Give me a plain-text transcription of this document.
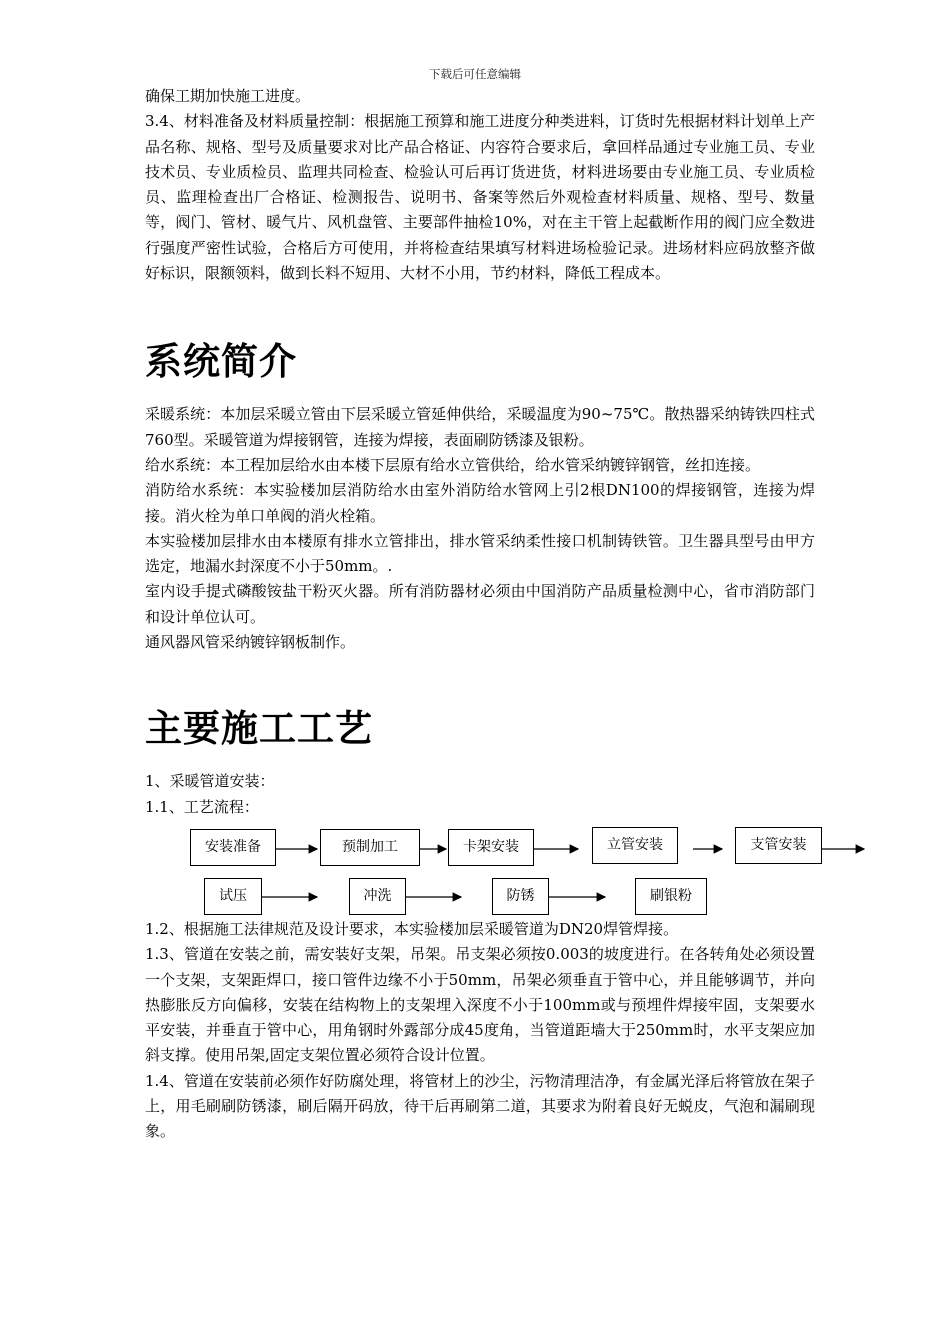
下载后可任意编辑

确保工期加快施工进度。

3.4、材料准备及材料质量控制：根据施工预算和施工进度分种类进料，订货时先根据材料计划单上产品名称、规格、型号及质量要求对比产品合格证、内容符合要求后，拿回样品通过专业施工员、专业技术员、专业质检员、监理共同检查、检验认可后再订货进货，材料进场要由专业施工员、专业质检员、监理检查出厂合格证、检测报告、说明书、备案等然后外观检查材料质量、规格、型号、数量等，阀门、管材、暖气片、风机盘管、主要部件抽检10%，对在主干管上起截断作用的阀门应全数进行强度严密性试验，合格后方可使用，并将检查结果填写材料进场检验记录。进场材料应码放整齐做好标识，限额领料，做到长料不短用、大材不小用，节约材料，降低工程成本。

系统简介

采暖系统：本加层采暖立管由下层采暖立管延伸供给，采暖温度为90~75℃。散热器采纳铸铁四柱式760型。采暖管道为焊接钢管，连接为焊接，表面刷防锈漆及银粉。

给水系统：本工程加层给水由本楼下层原有给水立管供给，给水管采纳镀锌钢管，丝扣连接。

消防给水系统：本实验楼加层消防给水由室外消防给水管网上引2根DN100的焊接钢管，连接为焊接。消火栓为单口单阀的消火栓箱。

本实验楼加层排水由本楼原有排水立管排出，排水管采纳柔性接口机制铸铁管。卫生器具型号由甲方选定，地漏水封深度不小于50mm。.

室内设手提式磷酸铵盐干粉灭火器。所有消防器材必须由中国消防产品质量检测中心，省市消防部门和设计单位认可。

通风器风管采纳镀锌钢板制作。

主要施工工艺

1、采暖管道安装：

1.1、工艺流程：

安装准备	预制加工	卡架安装	立管安装	支管安装
试压	冲洗	防锈	刷银粉

1.2、根据施工法律规范及设计要求，本实验楼加层采暖管道为DN20焊管焊接。

1.3、管道在安装之前，需安装好支架，吊架。吊支架必须按0.003的坡度进行。在各转角处必须设置一个支架，支架距焊口，接口管件边缘不小于50mm，吊架必须垂直于管中心，并且能够调节，并向热膨胀反方向偏移，安装在结构物上的支架埋入深度不小于100mm或与预埋件焊接牢固，支架要水平安装，并垂直于管中心，用角钢时外露部分成45度角，当管道距墙大于250mm时，水平支架应加斜支撑。使用吊架,固定支架位置必须符合设计位置。

1.4、管道在安装前必须作好防腐处理，将管材上的沙尘，污物清理洁净，有金属光泽后将管放在架子上，用毛刷刷防锈漆，刷后隔开码放，待干后再刷第二道，其要求为附着良好无蜕皮，气泡和漏刷现象。
